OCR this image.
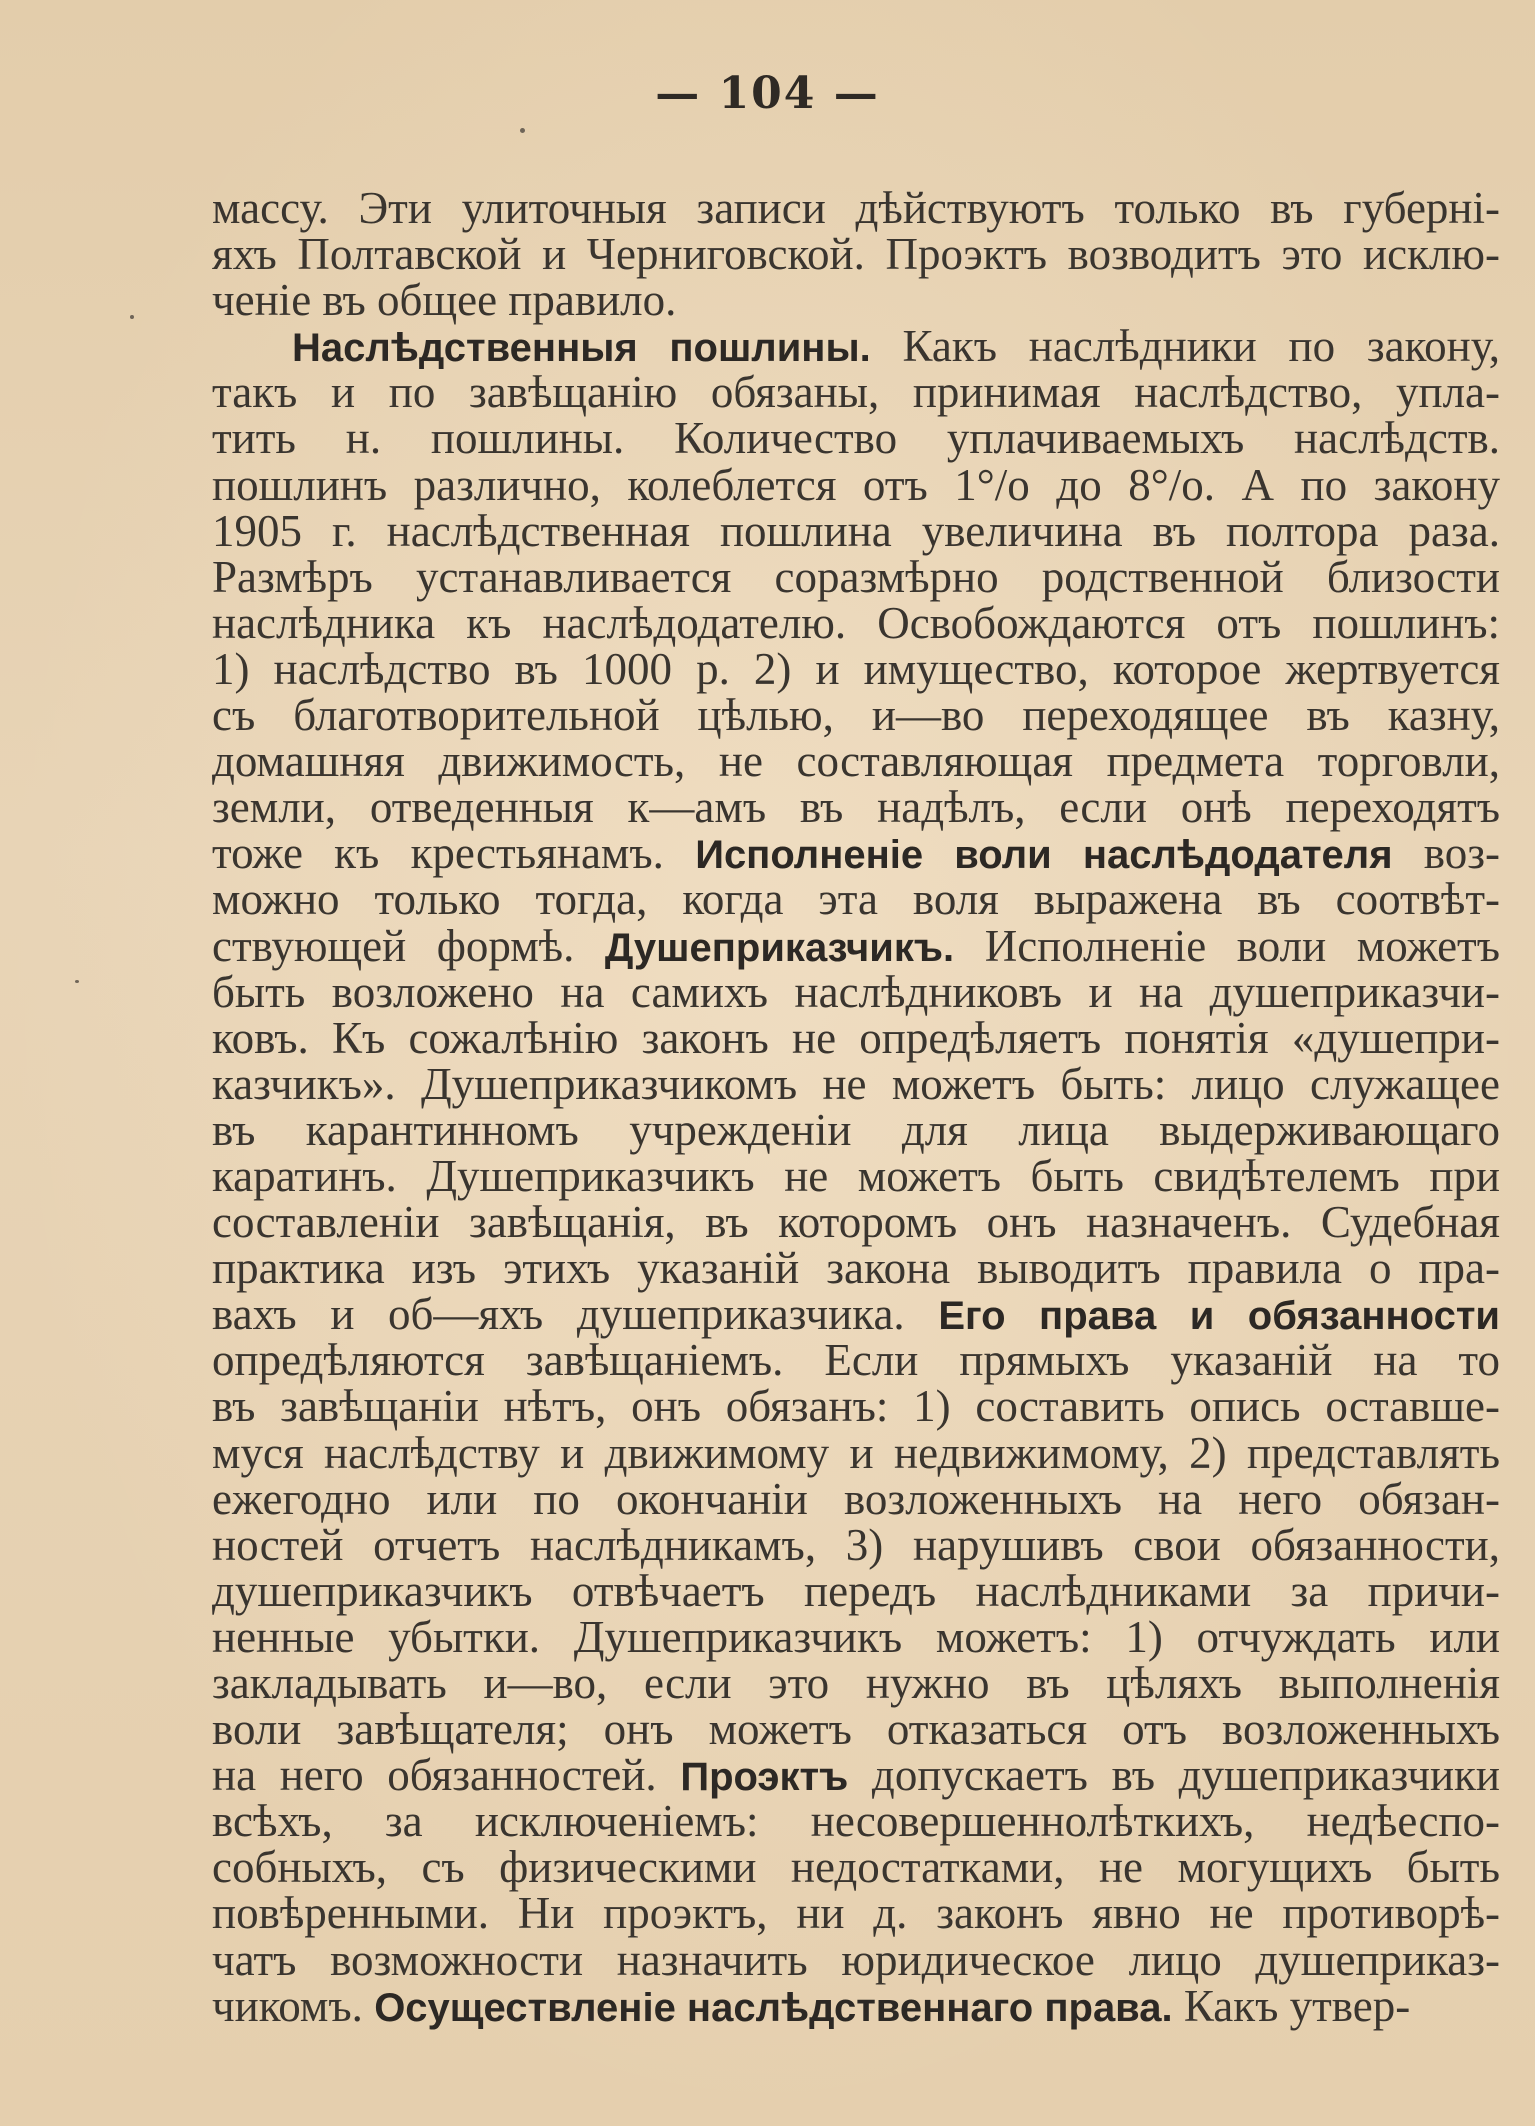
— 104 —
массу. Эти улиточныя записи дѣйствуютъ только въ губерні-
яхъ Полтавской и Черниговской. Проэктъ возводитъ это исклю-
ченіе въ общее правило.
Наслѣдственныя пошлины. Какъ наслѣдники по закону,
такъ и по завѣщанію обязаны, принимая наслѣдство, упла-
тить н. пошлины. Количество уплачиваемыхъ наслѣдств.
пошлинъ различно, колеблется отъ 1°/о до 8°/о. А по закону
1905 г. наслѣдственная пошлина увеличина въ полтора раза.
Размѣръ устанавливается соразмѣрно родственной близости
наслѣдника къ наслѣдодателю. Освобождаются отъ пошлинъ:
1) наслѣдство въ 1000 р. 2) и имущество, которое жертвуется
съ благотворительной цѣлью, и—во переходящее въ казну,
домашняя движимость, не составляющая предмета торговли,
земли, отведенныя к—амъ въ надѣлъ, если онѣ переходятъ
тоже къ крестьянамъ. Исполненіе воли наслѣдодателя воз-
можно только тогда, когда эта воля выражена въ соотвѣт-
ствующей формѣ. Душеприказчикъ. Исполненіе воли можетъ
быть возложено на самихъ наслѣдниковъ и на душеприказчи-
ковъ. Къ сожалѣнію законъ не опредѣляетъ понятія «душепри-
казчикъ». Душеприказчикомъ не можетъ быть: лицо служащее
въ карантинномъ учрежденіи для лица выдерживающаго
каратинъ. Душеприказчикъ не можетъ быть свидѣтелемъ при
составленіи завѣщанія, въ которомъ онъ назначенъ. Судебная
практика изъ этихъ указаній закона выводитъ правила о пра-
вахъ и об—яхъ душеприказчика. Его права и обязанности
опредѣляются завѣщаніемъ. Если прямыхъ указаній на то
въ завѣщаніи нѣтъ, онъ обязанъ: 1) составить опись оставше-
муся наслѣдству и движимому и недвижимому, 2) представлять
ежегодно или по окончаніи возложенныхъ на него обязан-
ностей отчетъ наслѣдникамъ, 3) нарушивъ свои обязанности,
душеприказчикъ отвѣчаетъ передъ наслѣдниками за причи-
ненные убытки. Душеприказчикъ можетъ: 1) отчуждать или
закладывать и—во, если это нужно въ цѣляхъ выполненія
воли завѣщателя; онъ можетъ отказаться отъ возложенныхъ
на него обязанностей. Проэктъ допускаетъ въ душеприказчики
всѣхъ, за исключеніемъ: несовершеннолѣткихъ, недѣеспо-
собныхъ, съ физическими недостатками, не могущихъ быть
повѣренными. Ни проэктъ, ни д. законъ явно не противорѣ-
чатъ возможности назначить юридическое лицо душеприказ-
чикомъ. Осуществленіе наслѣдственнаго права. Какъ утвер-
